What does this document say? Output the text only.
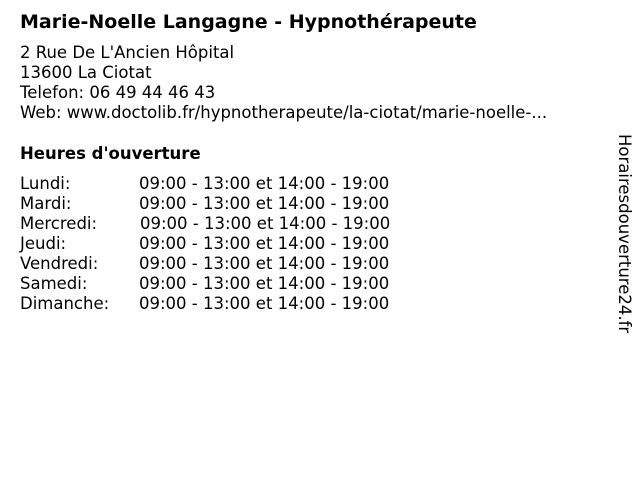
Marie-Noelle Langagne - Hypnothérapeute
2 Rue De L'Ancien Hôpital
13600 La Ciotat
Telefon: 06 49 44 46 43
Web: www.doctolib.fr/hypnotherapeute/la-ciotat/marie-noelle-...
Heures d'ouverture
Lundi:	09:00 - 13:00 et 14:00 - 19:00
Mardi:	09:00 - 13:00 et 14:00 - 19:00
Mercredi:	09:00 - 13:00 et 14:00 - 19:00
Jeudi:	09:00 - 13:00 et 14:00 - 19:00
Vendredi: 09:00 - 13:00 et 14:00 - 19:00
Samedi:	09:00 - 13:00 et 14:00 - 19:00
Dimanche: 09:00 - 13:00 et 14:00 - 19:00	Horairesdouverture24.fr
